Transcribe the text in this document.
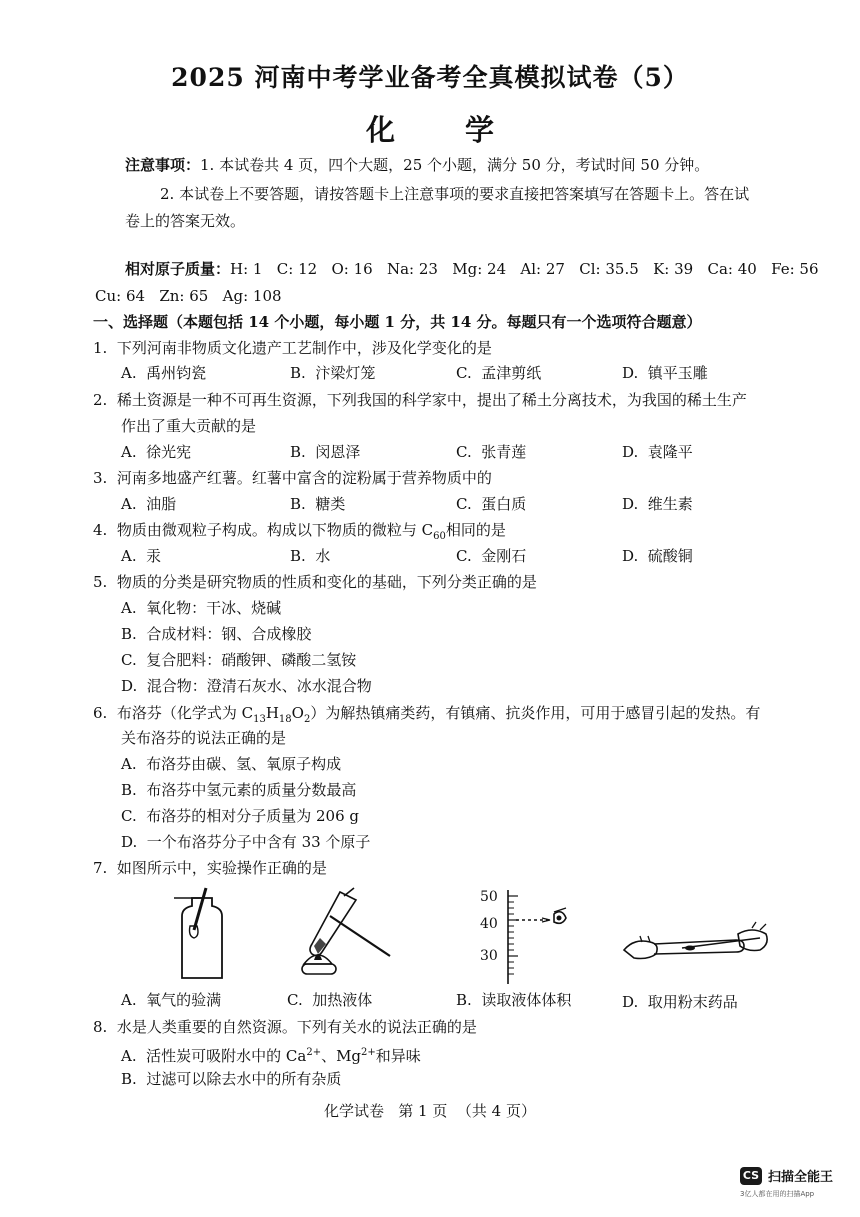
2025 河南中考学业备考全真模拟试卷（5）
化 学
注意事项：1. 本试卷共 4 页，四个大题，25 个小题，满分 50 分，考试时间 50 分钟。
2. 本试卷上不要答题，请按答题卡上注意事项的要求直接把答案填写在答题卡上。答在试
卷上的答案无效。
相对原子质量：H: 1   C: 12   O: 16   Na: 23   Mg: 24   Al: 27   Cl: 35.5   K: 39   Ca: 40   Fe: 56
Cu: 64   Zn: 65   Ag: 108
一、选择题（本题包括 14 个小题，每小题 1 分，共 14 分。每题只有一个选项符合题意）
1.  下列河南非物质文化遗产工艺制作中，涉及化学变化的是
A.  禹州钧瓷	B.  汴梁灯笼	C.  孟津剪纸	D.  镇平玉雕
2.  稀土资源是一种不可再生资源，下列我国的科学家中，提出了稀土分离技术，为我国的稀土生产
作出了重大贡献的是
A.  徐光宪	B.  闵恩泽	C.  张青莲	D.  袁隆平
3.  河南多地盛产红薯。红薯中富含的淀粉属于营养物质中的
A.  油脂	B.  糖类	C.  蛋白质	D.  维生素
4.  物质由微观粒子构成。构成以下物质的微粒与 $C_{60}$相同的是
A.  汞	B.  水	C.  金刚石	D.  硫酸铜
5.  物质的分类是研究物质的性质和变化的基础，下列分类正确的是
A.  氧化物：干冰、烧碱
B.  合成材料：钢、合成橡胶
C.  复合肥料：硝酸钾、磷酸二氢铵
D.  混合物：澄清石灰水、冰水混合物
6.  布洛芬（化学式为 $C_{13}H_{18}O_2$）为解热镇痛类药，有镇痛、抗炎作用，可用于感冒引起的发热。有
关布洛芬的说法正确的是
A.  布洛芬由碳、氢、氧原子构成
B.  布洛芬中氢元素的质量分数最高
C.  布洛芬的相对分子质量为 206 g
D.  一个布洛芬分子中含有 33 个原子
7.  如图所示中，实验操作正确的是
50
40
30
A.  氧气的验满	C.  加热液体	B.  读取液体体积	D.  取用粉末药品
8.  水是人类重要的自然资源。下列有关水的说法正确的是
A.  活性炭可吸附水中的 $Ca^{2+}$、$Mg^{2+}$和异味
B.  过滤可以除去水中的所有杂质
化学试卷   第 1 页  （共 4 页）
CS 扫描全能王
3亿人都在用的扫描App
